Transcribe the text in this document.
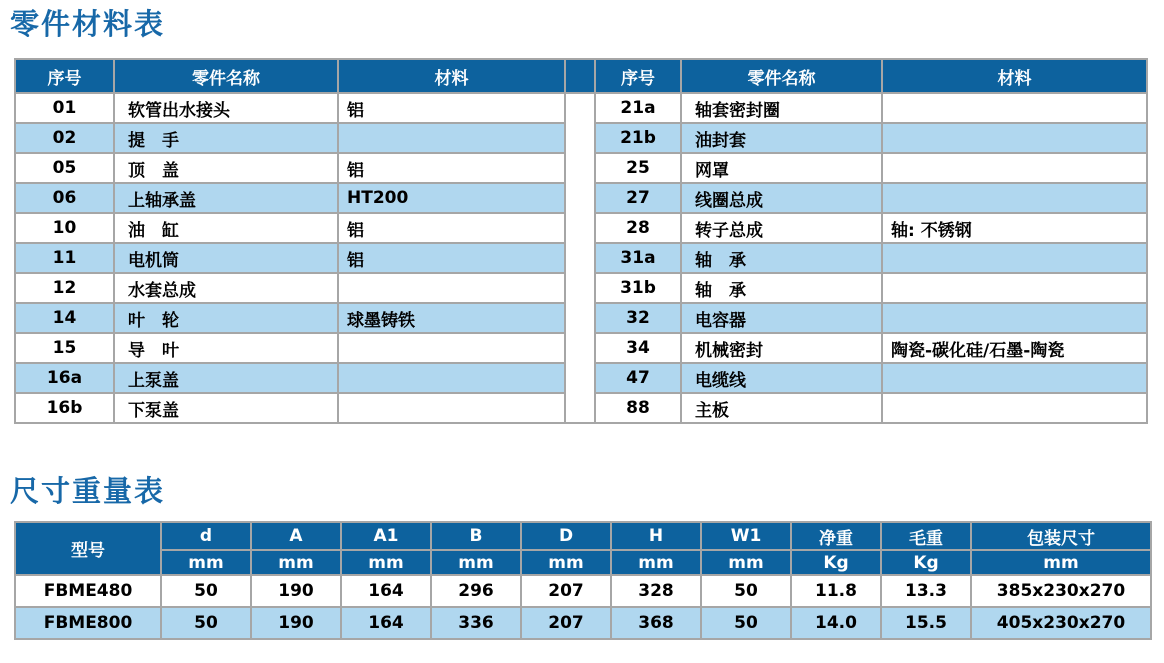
零件材料表
序号	零件名称	材料		序号	零件名称	材料
01	软管出水接头	铝		21a	轴套密封圈	
02	提　手			21b	油封套	
05	顶　盖	铝		25	网罩	
06	上轴承盖	HT200		27	线圈总成	
10	油　缸	铝		28	转子总成	轴: 不锈钢
11	电机筒	铝		31a	轴　承	
12	水套总成			31b	轴　承	
14	叶　轮	球墨铸铁		32	电容器	
15	导　叶			34	机械密封	陶瓷-碳化硅/石墨-陶瓷
16a	上泵盖			47	电缆线	
16b	下泵盖			88	主板	
尺寸重量表
型号	d	A	A1	B	D	H	W1	净重	毛重	包装尺寸
	mm	mm	mm	mm	mm	mm	mm	Kg	Kg	mm
FBME480	50	190	164	296	207	328	50	11.8	13.3	385x230x270
FBME800	50	190	164	336	207	368	50	14.0	15.5	405x230x270
